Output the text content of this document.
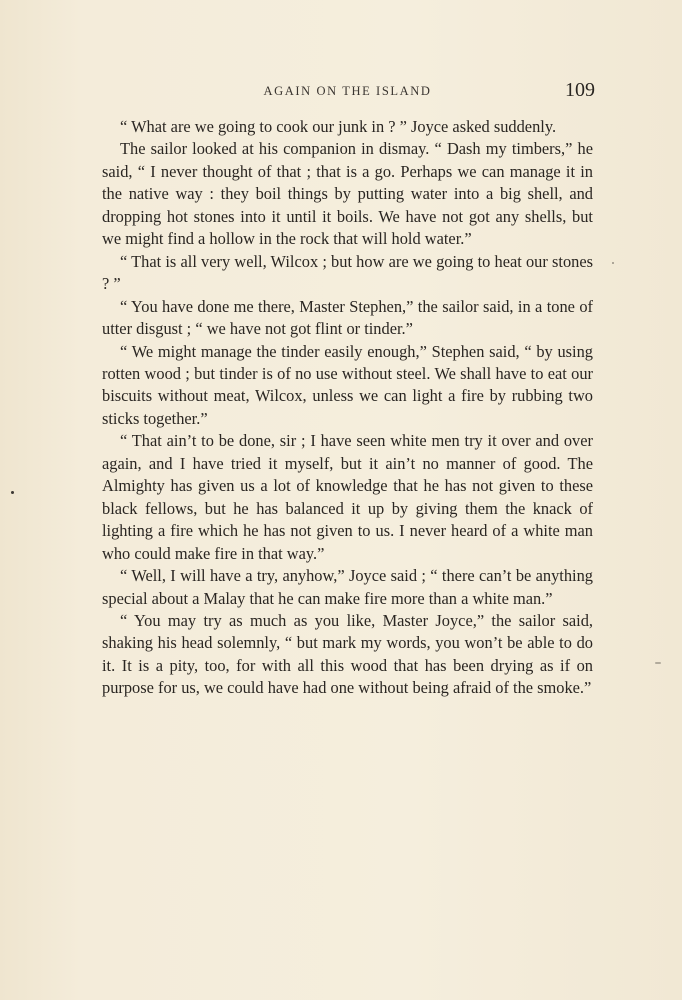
AGAIN ON THE ISLAND	109

“ What are we going to cook our junk in ? ” Joyce asked suddenly.

The sailor looked at his companion in dismay. “ Dash my timbers,” he said, “ I never thought of that ; that is a go. Perhaps we can manage it in the native way : they boil things by putting water into a big shell, and dropping hot stones into it until it boils. We have not got any shells, but we might find a hollow in the rock that will hold water.”

“ That is all very well, Wilcox ; but how are we going to heat our stones ? ”

“ You have done me there, Master Stephen,” the sailor said, in a tone of utter disgust ; “ we have not got flint or tinder.”

“ We might manage the tinder easily enough,” Stephen said, “ by using rotten wood ; but tinder is of no use without steel. We shall have to eat our biscuits without meat, Wilcox, unless we can light a fire by rubbing two sticks together.”

“ That ain’t to be done, sir ; I have seen white men try it over and over again, and I have tried it myself, but it ain’t no manner of good. The Almighty has given us a lot of knowledge that he has not given to these black fellows, but he has balanced it up by giving them the knack of lighting a fire which he has not given to us. I never heard of a white man who could make fire in that way.”

“ Well, I will have a try, anyhow,” Joyce said ; “ there can’t be anything special about a Malay that he can make fire more than a white man.”

“ You may try as much as you like, Master Joyce,” the sailor said, shaking his head solemnly, “ but mark my words, you won’t be able to do it. It is a pity, too, for with all this wood that has been drying as if on purpose for us, we could have had one without being afraid of the smoke.”
